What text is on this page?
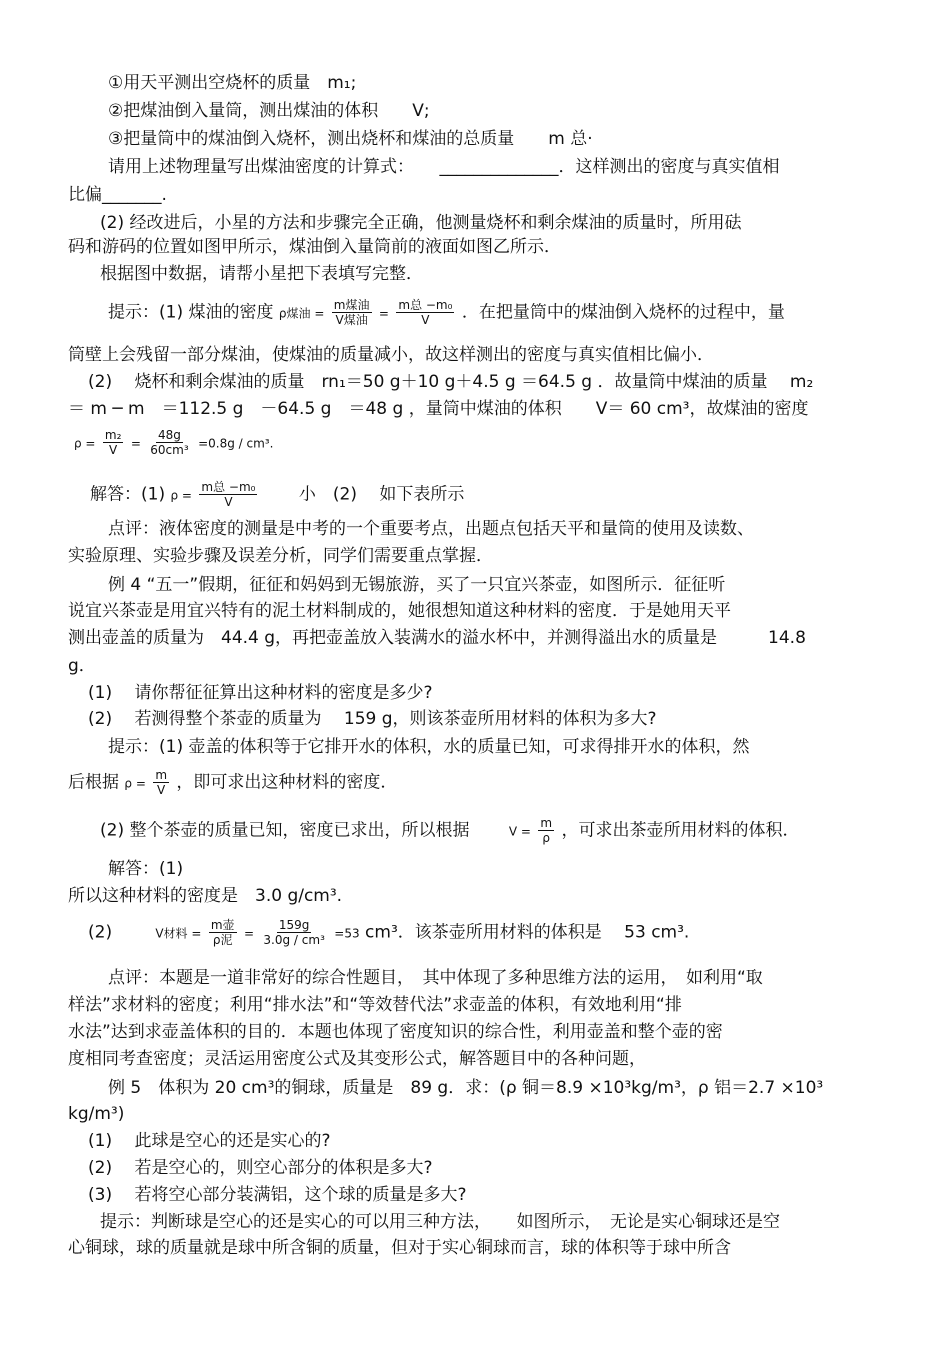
①用天平测出空烧杯的质量　m₁;
②把煤油倒入量筒，测出煤油的体积　　V;
③把量筒中的煤油倒入烧杯，测出烧杯和煤油的总质量　　m 总·
请用上述物理量写出煤油密度的计算式：　　______________．这样测出的密度与真实值相
比偏_______.
(2) 经改进后，小星的方法和步骤完全正确，他测量烧杯和剩余煤油的质量时，所用砝
码和游码的位置如图甲所示，煤油倒入量筒前的液面如图乙所示．
根据图中数据，请帮小星把下表填写完整．
提示：(1) 煤油的密度 ρ煤油 = $\frac{\text{m煤油}}{\text{V煤油}} = \frac{\text{m总 −m₀}}{V}$ ．在把量筒中的煤油倒入烧杯的过程中，量
筒壁上会残留一部分煤油，使煤油的质量减小，故这样测出的密度与真实值相比偏小．
(2)　 烧杯和剩余煤油的质量　rn₁＝50 g＋10 g＋4.5 g ＝64.5 g ．故量筒中煤油的质量　 m₂
＝ m ─ m　＝112.5 g　－64.5 g　＝48 g ，量筒中煤油的体积　　V＝ 60 cm³，故煤油的密度
$\rho = \frac{\text{m₂}}{V} = \frac{48g}{\text{60cm³}} =0.8g / cm^3$.
解答：(1) $\rho = \frac{\text{m总 −m₀}}{V}$ 　　小　(2)　 如下表所示
点评：液体密度的测量是中考的一个重要考点，出题点包括天平和量筒的使用及读数、
实验原理、实验步骤及误差分析，同学们需要重点掌握．
例 4 “五一”假期，征征和妈妈到无锡旅游，买了一只宜兴茶壶，如图所示．征征听
说宜兴茶壶是用宜兴特有的泥土材料制成的，她很想知道这种材料的密度．于是她用天平
测出壶盖的质量为　44.4 g，再把壶盖放入装满水的溢水杯中，并测得溢出水的质量是　　　14.8
g．
(1)　 请你帮征征算出这种材料的密度是多少?
(2)　 若测得整个茶壶的质量为　 159 g，则该茶壶所用材料的体积为多大?
提示：(1) 壶盖的体积等于它排开水的体积，水的质量已知，可求得排开水的体积，然
后根据 $\rho = \frac{m}{V}$ ，即可求出这种材料的密度．
(2) 整个茶壶的质量已知，密度已求出，所以根据　　 $V = \frac{m}{\rho}$ ，可求出茶壶所用材料的体积．
解答：(1)
所以这种材料的密度是　3.0 g/cm³.
(2)	V材料 = $\frac{\text{m壶}}{\text{ρ泥}} = \frac{159g}{\text{3.0g / cm³}} =53$ cm³．该茶壶所用材料的体积是　 53 cm³.
点评：本题是一道非常好的综合性题目，　其中体现了多种思维方法的运用，　如利用“取
样法”求材料的密度；利用“排水法”和“等效替代法”求壶盖的体积，有效地利用“排
水法”达到求壶盖体积的目的．本题也体现了密度知识的综合性，利用壶盖和整个壶的密
度相同考查密度；灵活运用密度公式及其变形公式，解答题目中的各种问题，
例 5　体积为 20 cm³的铜球，质量是　89 g．求：(ρ 铜＝8.9 ×10³kg/m³，ρ 铝＝2.7 ×10³
kg/m³)
(1)　 此球是空心的还是实心的?
(2)　 若是空心的，则空心部分的体积是多大?
(3)　 若将空心部分装满铝，这个球的质量是多大?
提示：判断球是空心的还是实心的可以用三种方法，　　如图所示，　无论是实心铜球还是空
心铜球，球的质量就是球中所含铜的质量，但对于实心铜球而言，球的体积等于球中所含
